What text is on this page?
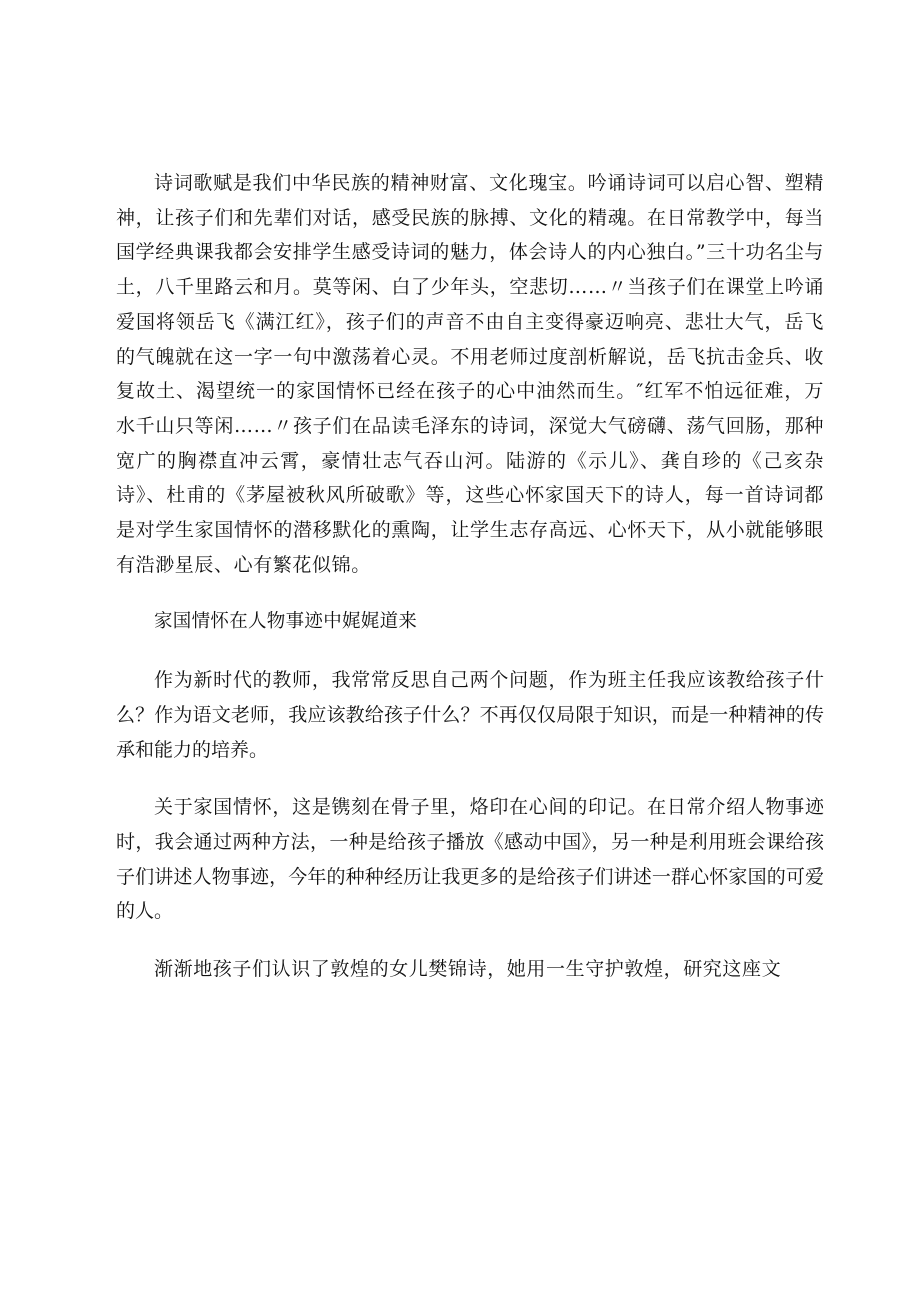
诗词歌赋是我们中华民族的精神财富、文化瑰宝。吟诵诗词可以启心智、塑精神，让孩子们和先辈们对话，感受民族的脉搏、文化的精魂。在日常教学中，每当国学经典课我都会安排学生感受诗词的魅力，体会诗人的内心独白。”三十功名尘与土，八千里路云和月。莫等闲、白了少年头，空悲切……〃当孩子们在课堂上吟诵爱国将领岳飞《满江红》，孩子们的声音不由自主变得豪迈响亮、悲壮大气，岳飞的气魄就在这一字一句中激荡着心灵。不用老师过度剖析解说，岳飞抗击金兵、收复故土、渴望统一的家国情怀已经在孩子的心中油然而生。″红军不怕远征难，万水千山只等闲……〃孩子们在品读毛泽东的诗词，深觉大气磅礴、荡气回肠，那种宽广的胸襟直冲云霄，豪情壮志气吞山河。陆游的《示儿》、龚自珍的《己亥杂诗》、杜甫的《茅屋被秋风所破歌》等，这些心怀家国天下的诗人，每一首诗词都是对学生家国情怀的潜移默化的熏陶，让学生志存高远、心怀天下，从小就能够眼有浩渺星辰、心有繁花似锦。

家国情怀在人物事迹中娓娓道来

作为新时代的教师，我常常反思自己两个问题，作为班主任我应该教给孩子什么？作为语文老师，我应该教给孩子什么？不再仅仅局限于知识，而是一种精神的传承和能力的培养。

关于家国情怀，这是镌刻在骨子里，烙印在心间的印记。在日常介绍人物事迹时，我会通过两种方法，一种是给孩子播放《感动中国》，另一种是利用班会课给孩子们讲述人物事迹，今年的种种经历让我更多的是给孩子们讲述一群心怀家国的可爱的人。

渐渐地孩子们认识了敦煌的女儿樊锦诗，她用一生守护敦煌，研究这座文
